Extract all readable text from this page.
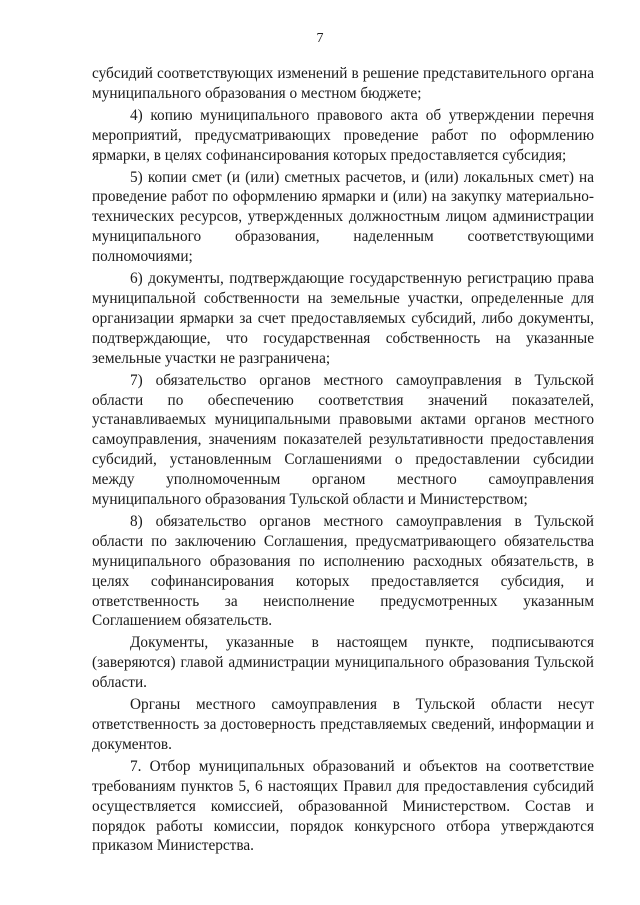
7

субсидий соответствующих изменений в решение представительного органа муниципального образования о местном бюджете;

4) копию муниципального правового акта об утверждении перечня мероприятий, предусматривающих проведение работ по оформлению ярмарки, в целях софинансирования которых предоставляется субсидия;

5) копии смет (и (или) сметных расчетов, и (или) локальных смет) на проведение работ по оформлению ярмарки и (или) на закупку материально-технических ресурсов, утвержденных должностным лицом администрации муниципального образования, наделенным соответствующими полномочиями;

6) документы, подтверждающие государственную регистрацию права муниципальной собственности на земельные участки, определенные для организации ярмарки за счет предоставляемых субсидий, либо документы, подтверждающие, что государственная собственность на указанные земельные участки не разграничена;

7) обязательство органов местного самоуправления в Тульской области по обеспечению соответствия значений показателей, устанавливаемых муниципальными правовыми актами органов местного самоуправления, значениям показателей результативности предоставления субсидий, установленным Соглашениями о предоставлении субсидии между уполномоченным органом местного самоуправления муниципального образования Тульской области и Министерством;

8) обязательство органов местного самоуправления в Тульской области по заключению Соглашения, предусматривающего обязательства муниципального образования по исполнению расходных обязательств, в целях софинансирования которых предоставляется субсидия, и ответственность за неисполнение предусмотренных указанным Соглашением обязательств.

Документы, указанные в настоящем пункте, подписываются (заверяются) главой администрации муниципального образования Тульской области.

Органы местного самоуправления в Тульской области несут ответственность за достоверность представляемых сведений, информации и документов.

7. Отбор муниципальных образований и объектов на соответствие требованиям пунктов 5, 6 настоящих Правил для предоставления субсидий осуществляется комиссией, образованной Министерством. Состав и порядок работы комиссии, порядок конкурсного отбора утверждаются приказом Министерства.
